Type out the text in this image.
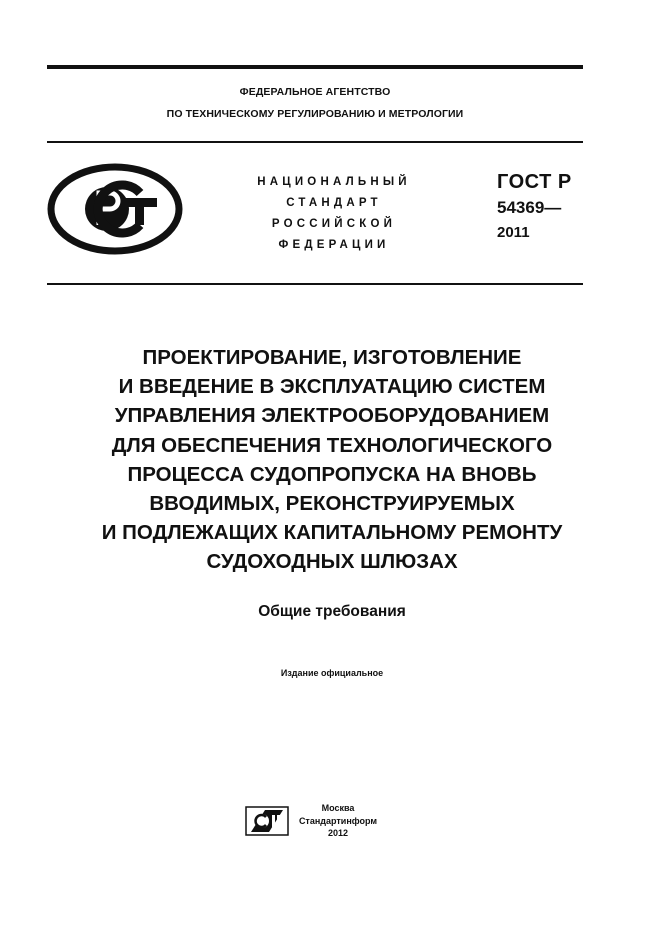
ФЕДЕРАЛЬНОЕ АГЕНТСТВО
ПО ТЕХНИЧЕСКОМУ РЕГУЛИРОВАНИЮ И МЕТРОЛОГИИ
НАЦИОНАЛЬНЫЙ
СТАНДАРТ
РОССИЙСКОЙ
ФЕДЕРАЦИИ
ГОСТ Р
54369—
2011
ПРОЕКТИРОВАНИЕ, ИЗГОТОВЛЕНИЕ
И ВВЕДЕНИЕ В ЭКСПЛУАТАЦИЮ СИСТЕМ
УПРАВЛЕНИЯ ЭЛЕКТРООБОРУДОВАНИЕМ
ДЛЯ ОБЕСПЕЧЕНИЯ ТЕХНОЛОГИЧЕСКОГО
ПРОЦЕССА СУДОПРОПУСКА НА ВНОВЬ
ВВОДИМЫХ, РЕКОНСТРУИРУЕМЫХ
И ПОДЛЕЖАЩИХ КАПИТАЛЬНОМУ РЕМОНТУ
СУДОХОДНЫХ ШЛЮЗАХ
Общие требования
Издание официальное
Москва
Стандартинформ
2012
